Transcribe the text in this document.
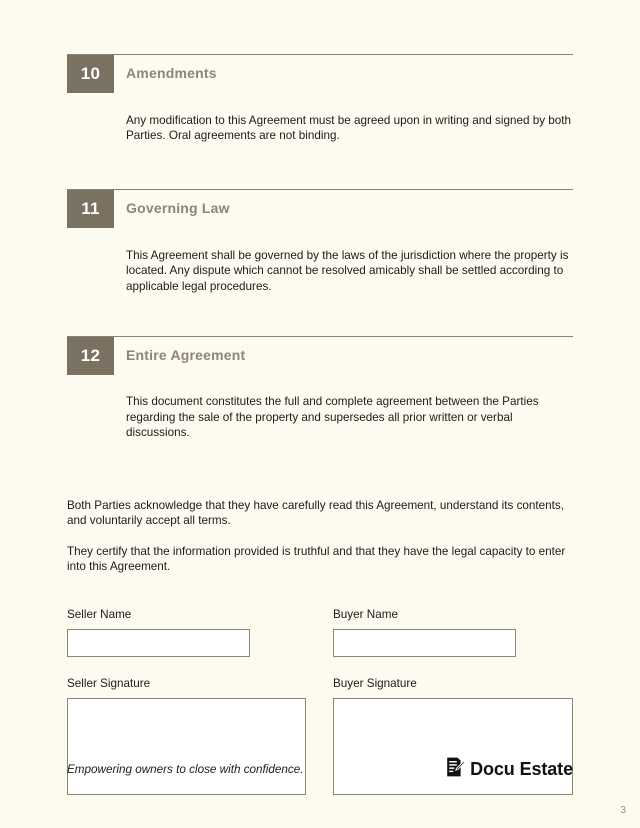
10	Amendments

Any modification to this Agreement must be agreed upon in writing and signed by both Parties. Oral agreements are not binding.

11	Governing Law

This Agreement shall be governed by the laws of the jurisdiction where the property is located. Any dispute which cannot be resolved amicably shall be settled according to applicable legal procedures.

12	Entire Agreement

This document constitutes the full and complete agreement between the Parties regarding the sale of the property and supersedes all prior written or verbal discussions.

Both Parties acknowledge that they have carefully read this Agreement, understand its contents, and voluntarily accept all terms.

They certify that the information provided is truthful and that they have the legal capacity to enter into this Agreement.

Seller Name	Buyer Name
Seller Signature	Buyer Signature
Empowering owners to close with confidence.	Docu Estate
3
